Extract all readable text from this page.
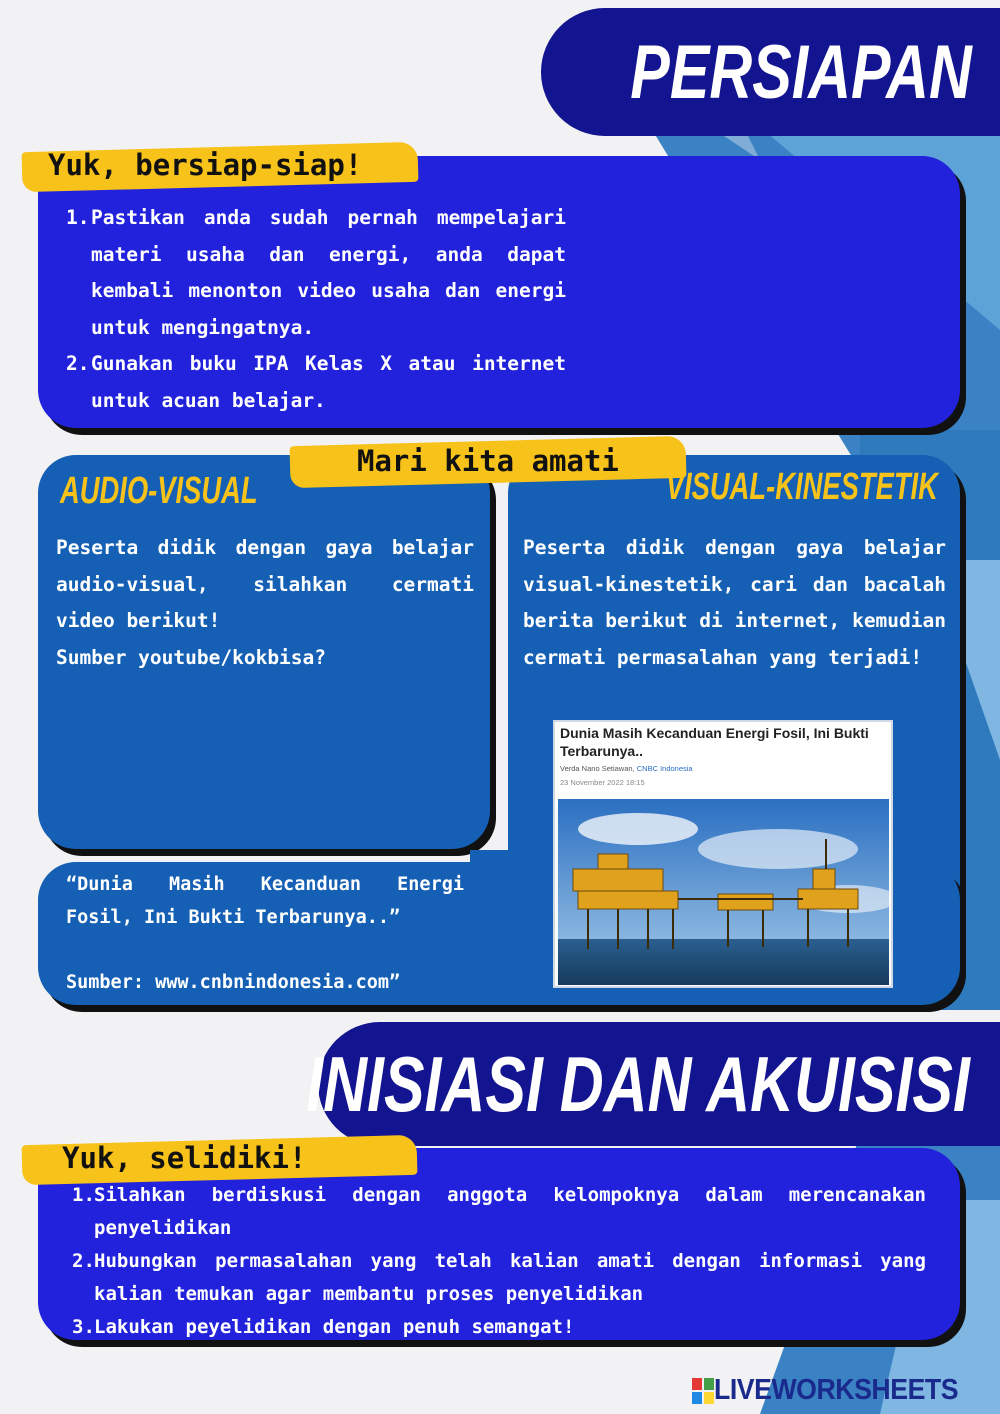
PERSIAPAN
Yuk, bersiap-siap!
1. Pastikan anda sudah pernah mempelajari materi usaha dan energi, anda dapat kembali menonton video usaha dan energi untuk mengingatnya.
2. Gunakan buku IPA Kelas X atau internet untuk acuan belajar.
Mari kita amati
AUDIO-VISUAL	VISUAL-KINESTETIK
Peserta didik dengan gaya belajar audio-visual, silahkan cermati video berikut!
Sumber youtube/kokbisa?
Peserta didik dengan gaya belajar visual-kinestetik, cari dan bacalah berita berikut di internet, kemudian cermati permasalahan yang terjadi!
“Dunia Masih Kecanduan Energi Fosil, Ini Bukti Terbarunya..”
Sumber: www.cnbnindonesia.com”
Dunia Masih Kecanduan Energi Fosil, Ini Bukti Terbarunya..
Verda Nano Setiawan, CNBC Indonesia
23 November 2022 18:15
INISIASI DAN AKUISISI
Yuk, selidiki!
1. Silahkan berdiskusi dengan anggota kelompoknya dalam merencanakan penyelidikan
2. Hubungkan permasalahan yang telah kalian amati dengan informasi yang kalian temukan agar membantu proses penyelidikan
3. Lakukan peyelidikan dengan penuh semangat!
LIVEWORKSHEETS
